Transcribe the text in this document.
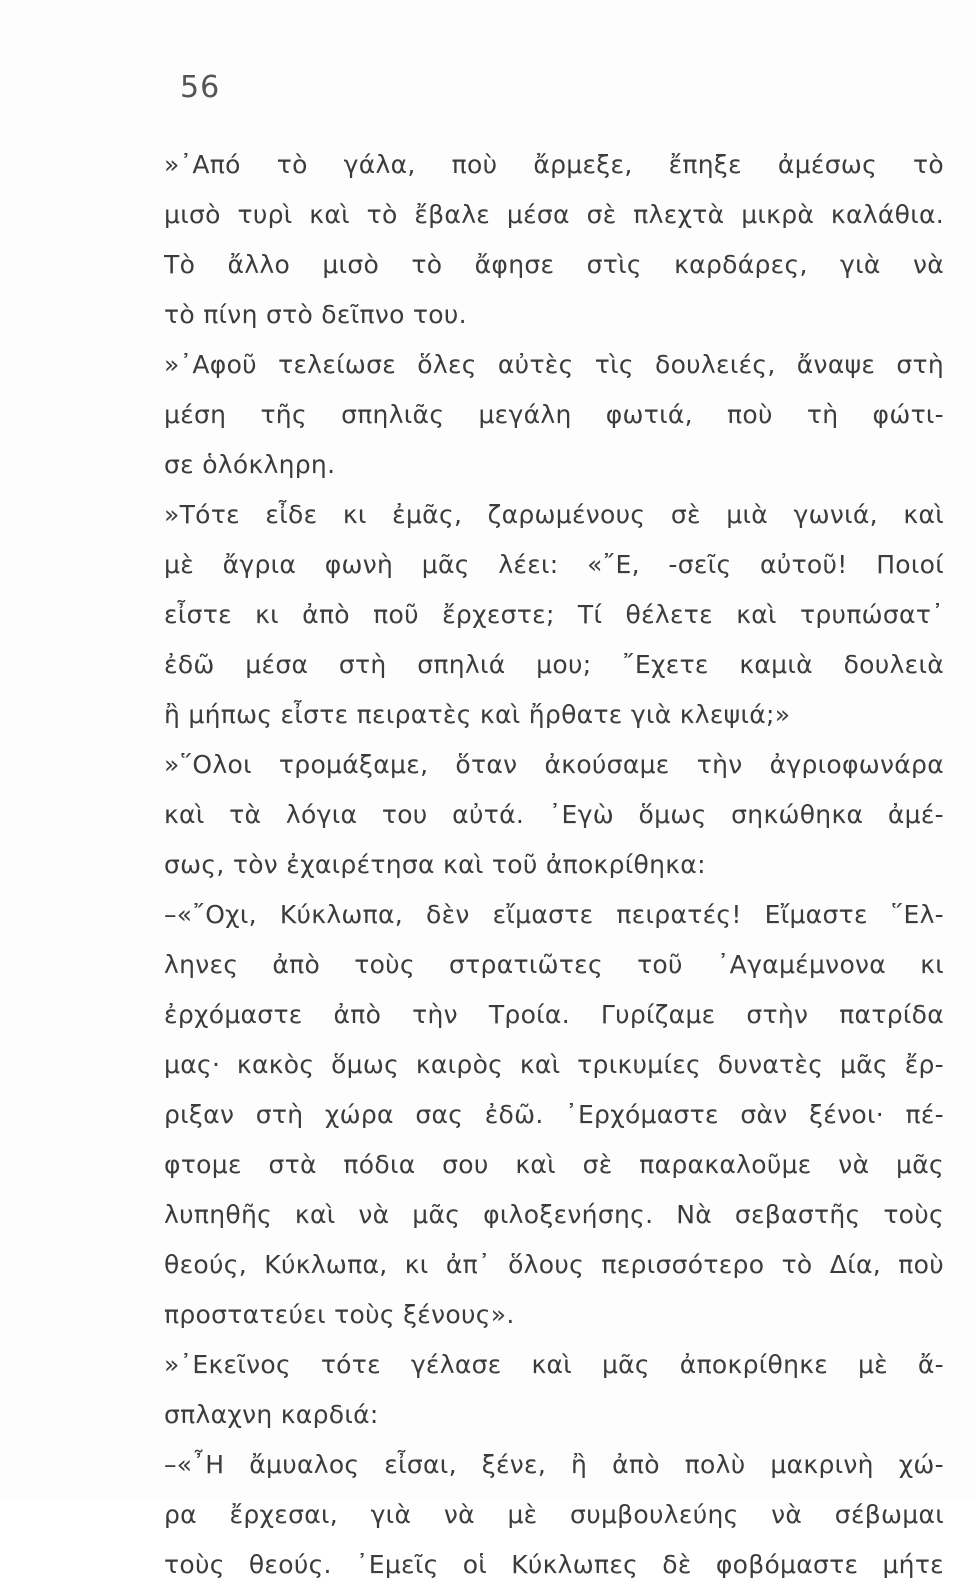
56
»᾿Από τὸ γάλα, ποὺ ἄρμεξε, ἔπηξε ἀμέσως τὸ
μισὸ τυρὶ καὶ τὸ ἔβαλε μέσα σὲ πλεχτὰ μικρὰ καλάθια.
Τὸ ἄλλο μισὸ τὸ ἄφησε στὶς καρδάρες, γιὰ νὰ
τὸ πίνη στὸ δεῖπνο του.
»᾿Αφοῦ τελείωσε ὅλες αὐτὲς τὶς δουλειές, ἄναψε στὴ
μέση τῆς σπηλιᾶς μεγάλη φωτιά, ποὺ τὴ φώτι-
σε ὁλόκληρη.
»Τότε εἶδε κι ἐμᾶς, ζαρωμένους σὲ μιὰ γωνιά, καὶ
μὲ ἄγρια φωνὴ μᾶς λέει: «῎Ε, -σεῖς αὐτοῦ! Ποιοί
εἶστε κι ἀπὸ ποῦ ἔρχεστε; Τί θέλετε καὶ τρυπώσατ᾿
ἐδῶ μέσα στὴ σπηλιά μου; ῎Εχετε καμιὰ δουλειὰ
ἢ μήπως εἶστε πειρατὲς καὶ ἤρθατε γιὰ κλεψιά;»
»῞Ολοι τρομάξαμε, ὅταν ἀκούσαμε τὴν ἀγριοφωνάρα
καὶ τὰ λόγια του αὐτά. ᾿Εγὼ ὅμως σηκώθηκα ἀμέ-
σως, τὸν ἐχαιρέτησα καὶ τοῦ ἀποκρίθηκα:
–«῎Οχι, Κύκλωπα, δὲν εἴμαστε πειρατές! Εἴμαστε ῞Ελ-
ληνες ἀπὸ τοὺς στρατιῶτες τοῦ ᾿Αγαμέμνονα κι
ἐρχόμαστε ἀπὸ τὴν Τροία. Γυρίζαμε στὴν πατρίδα
μας· κακὸς ὅμως καιρὸς καὶ τρικυμίες δυνατὲς μᾶς ἔρ-
ριξαν στὴ χώρα σας ἐδῶ. ᾿Ερχόμαστε σὰν ξένοι· πέ-
φτομε στὰ πόδια σου καὶ σὲ παρακαλοῦμε νὰ μᾶς
λυπηθῆς καὶ νὰ μᾶς φιλοξενήσης. Νὰ σεβαστῆς τοὺς
θεούς, Κύκλωπα, κι ἀπ᾿ ὅλους περισσότερο τὸ Δία, ποὺ
προστατεύει τοὺς ξένους».
»᾿Εκεῖνος τότε γέλασε καὶ μᾶς ἀποκρίθηκε μὲ ἄ-
σπλαχνη καρδιά:
–«῏Η ἄμυαλος εἶσαι, ξένε, ἢ ἀπὸ πολὺ μακρινὴ χώ-
ρα ἔρχεσαι, γιὰ νὰ μὲ συμβουλεύης νὰ σέβωμαι
τοὺς θεούς. ᾿Εμεῖς οἱ Κύκλωπες δὲ φοβόμαστε μήτε
